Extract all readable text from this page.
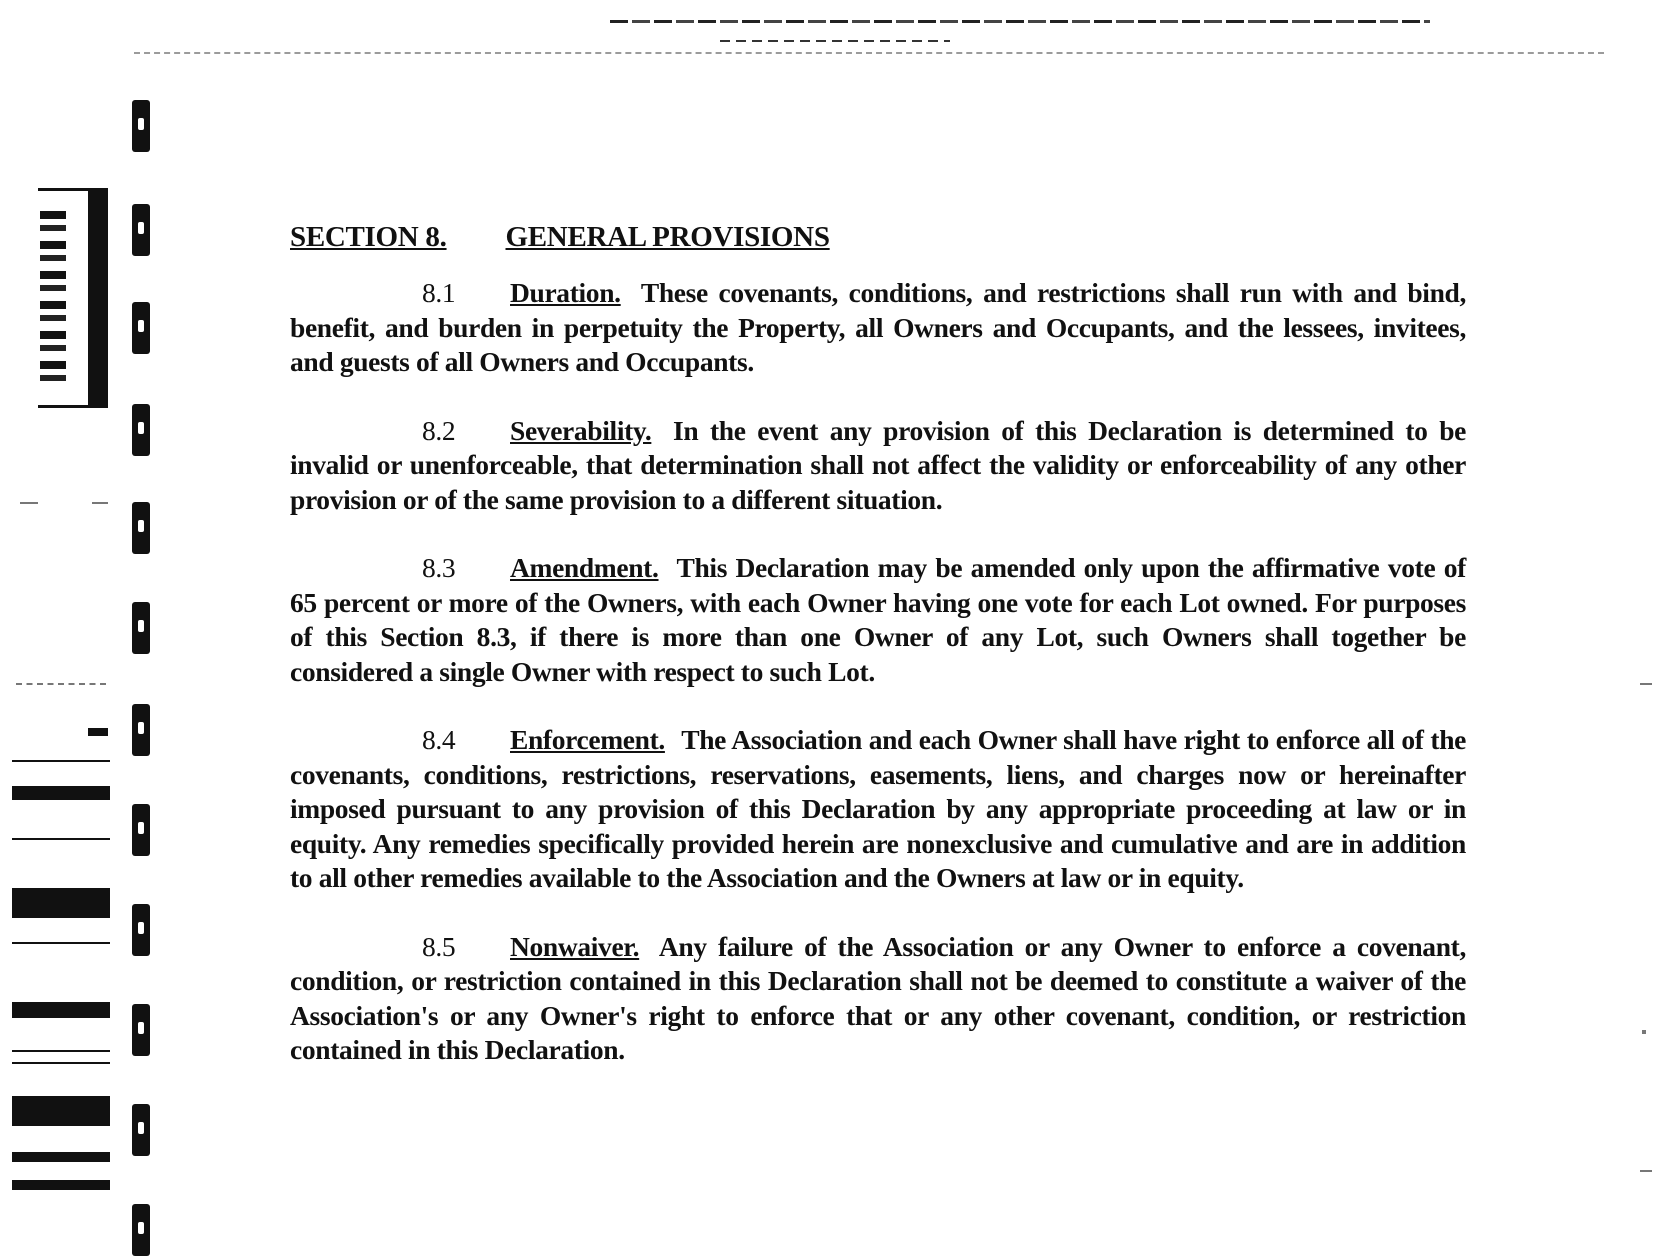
SECTION 8. GENERAL PROVISIONS

8.1 Duration. These covenants, conditions, and restrictions shall run with and bind, benefit, and burden in perpetuity the Property, all Owners and Occupants, and the lessees, invitees, and guests of all Owners and Occupants.

8.2 Severability. In the event any provision of this Declaration is determined to be invalid or unenforceable, that determination shall not affect the validity or enforceability of any other provision or of the same provision to a different situation.

8.3 Amendment. This Declaration may be amended only upon the affirmative vote of 65 percent or more of the Owners, with each Owner having one vote for each Lot owned. For purposes of this Section 8.3, if there is more than one Owner of any Lot, such Owners shall together be considered a single Owner with respect to such Lot.

8.4 Enforcement. The Association and each Owner shall have right to enforce all of the covenants, conditions, restrictions, reservations, easements, liens, and charges now or hereinafter imposed pursuant to any provision of this Declaration by any appropriate proceeding at law or in equity. Any remedies specifically provided herein are nonexclusive and cumulative and are in addition to all other remedies available to the Association and the Owners at law or in equity.

8.5 Nonwaiver. Any failure of the Association or any Owner to enforce a covenant, condition, or restriction contained in this Declaration shall not be deemed to constitute a waiver of the Association's or any Owner's right to enforce that or any other covenant, condition, or restriction contained in this Declaration.
